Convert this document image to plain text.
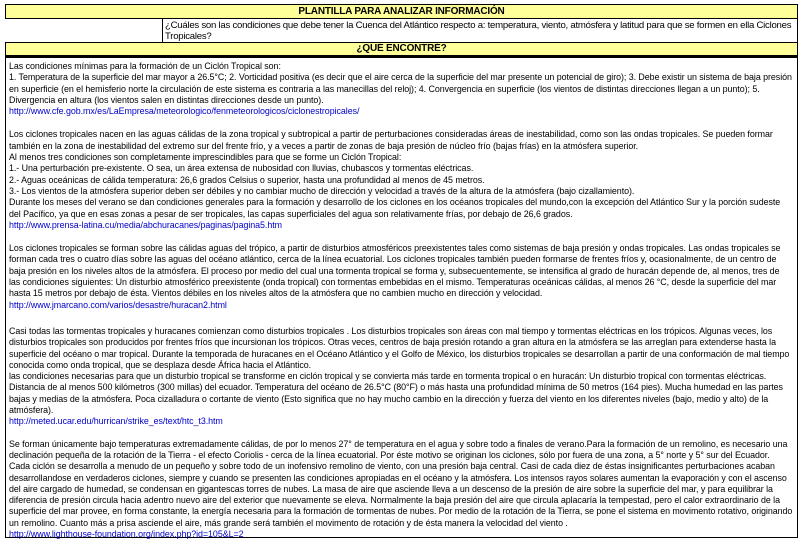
PLANTILLA PARA ANALIZAR INFORMACIÓN
¿Cuáles son las condiciones que debe tener la Cuenca del Atlántico respecto a: temperatura, viento, atmósfera y latitud para que se formen en ella Ciclones Tropicales?
¿QUÉ ENCONTRÉ?

Las condiciones mínimas para la formación de un Ciclón Tropical son:

1. Temperatura de la superficie del mar mayor a 26.5°C; 2. Vorticidad positiva (es decir que el aire cerca de la superficie del mar presente un potencial de giro); 3. Debe existir un sistema de baja presión en superficie (en el hemisferio norte la circulación de este sistema es contraria a las manecillas del reloj); 4. Convergencia en superficie (los vientos de distintas direcciones llegan a un punto); 5. Divergencia en altura (los vientos salen en distintas direcciones desde un punto).

http://www.cfe.gob.mx/es/LaEmpresa/meteorologico/fenmeteorologicos/ciclonestropicales/

Los ciclones tropicales nacen en las aguas cálidas de la zona tropical y subtropical a partir de perturbaciones consideradas áreas de inestabilidad, como son las ondas tropicales. Se pueden formar también en la zona de inestabilidad del extremo sur del frente frío, y a veces a partir de zonas de baja presión de núcleo frío (bajas frías) en la atmósfera superior.

Al menos tres condiciones son completamente imprescindibles para que se forme un Ciclón Tropical:

1.- Una perturbación pre-existente. O sea, un área extensa de nubosidad con lluvias, chubascos y tormentas eléctricas.

2.- Aguas oceánicas de cálida temperatura: 26,6 grados Celsius o superior, hasta una profundidad al menos de 45 metros.

3.- Los vientos de la atmósfera superior deben ser débiles y no cambiar mucho de dirección y velocidad a través de la altura de la atmósfera (bajo cizallamiento).

Durante los meses del verano se dan condiciones generales para la formación y desarrollo de los ciclones en los océanos tropicales del mundo,con la excepción del Atlántico Sur y la porción sudeste del Pacífico, ya que en esas zonas a pesar de ser tropicales, las capas superficiales del agua son relativamente frías, por debajo de 26,6 grados.

http://www.prensa-latina.cu/media/abchuracanes/paginas/pagina5.htm

Los ciclones tropicales se forman sobre las cálidas aguas del trópico, a partir de disturbios atmosféricos preexistentes tales como sistemas de baja presión y ondas tropicales. Las ondas tropicales se forman cada tres o cuatro días sobre las aguas del océano atlántico, cerca de la línea ecuatorial. Los ciclones tropicales también pueden formarse de frentes fríos y, ocasionalmente, de un centro de baja presión en los niveles altos de la atmósfera. El proceso por medio del cual una tormenta tropical se forma y, subsecuentemente, se intensifica al grado de huracán depende de, al menos, tres de las condiciones siguientes: Un disturbio atmosférico preexistente (onda tropical) con tormentas embebidas en el mismo. Temperaturas oceánicas cálidas, al menos 26 °C, desde la superficie del mar hasta 15 metros por debajo de ésta. Vientos débiles en los niveles altos de la atmósfera que no cambien mucho en dirección y velocidad.

http://www.jmarcano.com/varios/desastre/huracan2.html

Casi todas las tormentas tropicales y huracanes comienzan como disturbios tropicales . Los disturbios tropicales son áreas con mal tiempo y tormentas eléctricas en los trópicos. Algunas veces, los disturbios tropicales son producidos por frentes fríos que incursionan los trópicos. Otras veces, centros de baja presión rotando a gran altura en la atmósfera se las arreglan para extenderse hasta la superficie del océano o mar tropical. Durante la temporada de huracanes en el Océano Atlántico y el Golfo de México, los disturbios tropicales se desarrollan a partir de una conformación de mal tiempo conocida como onda tropical, que se desplaza desde África hacia el Atlántico.

las condiciones necesarias para que un disturbio tropical se transforme en ciclón tropical y se convierta más tarde en tormenta tropical o en huracán: Un disturbio tropical con tormentas eléctricas. Distancia de al menos 500 kilómetros (300 millas) del ecuador. Temperatura del océano de 26.5°C (80°F) o más hasta una profundidad mínima de 50 metros (164 pies). Mucha humedad en las partes bajas y medias de la atmósfera. Poca cizalladura o cortante de viento (Esto significa que no hay mucho cambio en la dirección y fuerza del viento en los diferentes niveles (bajo, medio y alto) de la atmósfera).

http://meted.ucar.edu/hurrican/strike_es/text/htc_t3.htm

Se forman únicamente bajo temperaturas extremadamente cálidas, de por lo menos 27° de temperatura en el agua y sobre todo a finales de verano.Para la formación de un remolino, es necesario una declinación pequeña de la rotación de la Tierra - el efecto Coriolis - cerca de la línea ecuatorial. Por éste motivo se originan los ciclones, sólo por fuera de una zona, a 5° norte y 5° sur del Ecuador.

Cada ciclón se desarrolla a menudo de un pequeño y sobre todo de un inofensivo remolino de viento, con una presión baja central. Casi de cada diez de éstas insignificantes perturbaciones acaban desarrollandose en verdaderos ciclones, siempre y cuando se presenten las condiciones apropiadas en el océano y la atmósfera. Los intensos rayos solares aumentan la evaporación y con el ascenso del aire cargado de humedad, se condensan en gigantescas torres de nubes. La masa de aire que asciende lleva a un descenso de la presión de aire sobre la superficie del mar, y para equilibrar la diferencia de presión circula hacia adentro nuevo aire del exterior que nuevamente se eleva. Normalmente la baja presión del aire que circula aplacaría la tempestad, pero el calor extraordinario de la superficie del mar provee, en forma constante, la energía necesaria para la formación de tormentas de nubes. Por medio de la rotación de la Tierra, se pone el sistema en movimento rotativo, originando un remolino. Cuanto más a prisa asciende el aire, más grande será también el movimento de rotación y de ésta manera la velocidad del viento .

http://www.lighthouse-foundation.org/index.php?id=105&L=2
